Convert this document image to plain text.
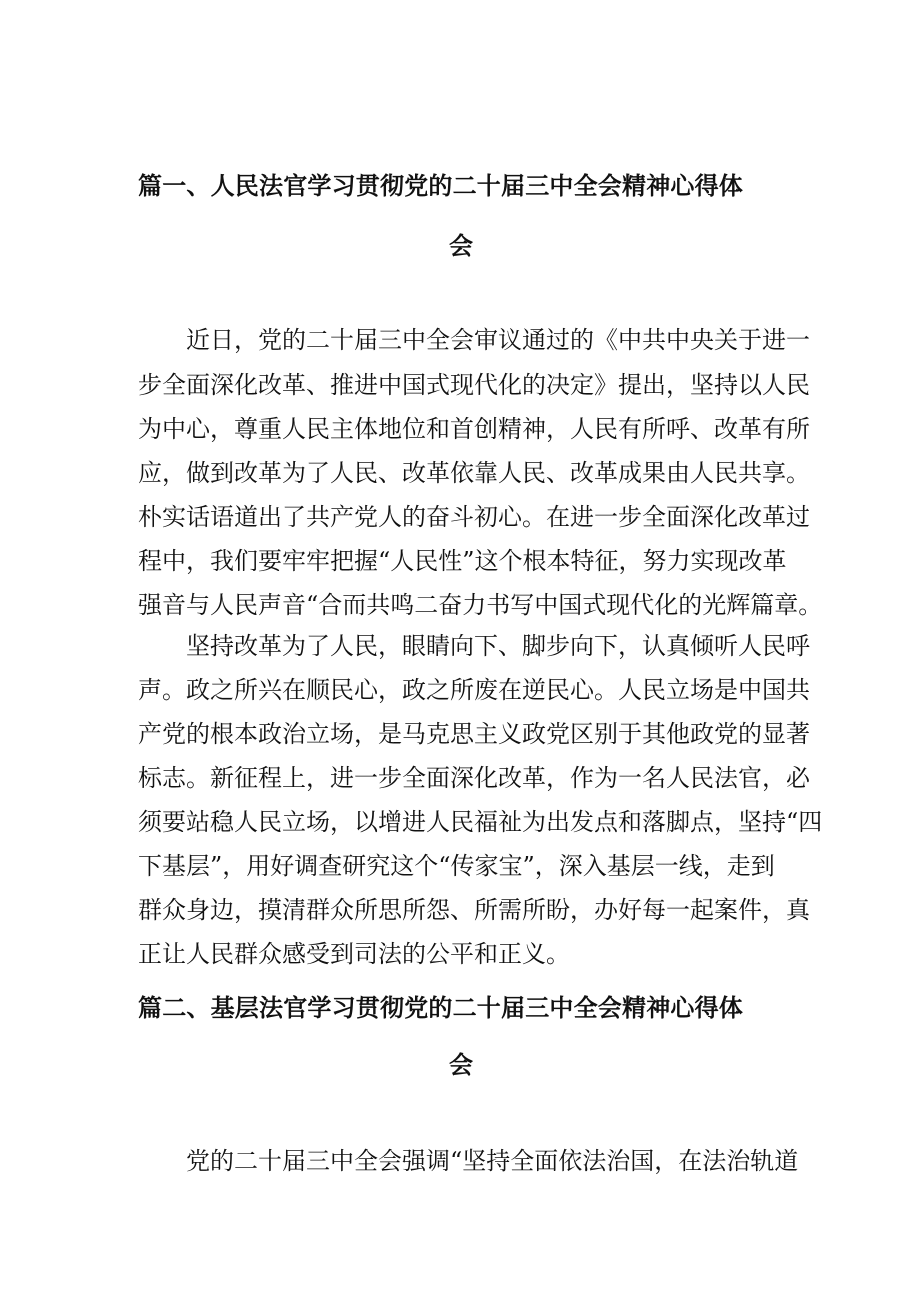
篇一、人民法官学习贯彻党的二十届三中全会精神心得体
会

近日，党的二十届三中全会审议通过的《中共中央关于进一

步全面深化改革、推进中国式现代化的决定》提出，坚持以人民

为中心，尊重人民主体地位和首创精神，人民有所呼、改革有所

应，做到改革为了人民、改革依靠人民、改革成果由人民共享。

朴实话语道出了共产党人的奋斗初心。在进一步全面深化改革过

程中，我们要牢牢把握“人民性”这个根本特征，努力实现改革

强音与人民声音“合而共鸣二奋力书写中国式现代化的光辉篇章。

坚持改革为了人民，眼睛向下、脚步向下，认真倾听人民呼

声。政之所兴在顺民心，政之所废在逆民心。人民立场是中国共

产党的根本政治立场，是马克思主义政党区别于其他政党的显著

标志。新征程上，进一步全面深化改革，作为一名人民法官，必

须要站稳人民立场，以增进人民福祉为出发点和落脚点，坚持“四

下基层”，用好调查研究这个“传家宝”，深入基层一线，走到

群众身边，摸清群众所思所怨、所需所盼，办好每一起案件，真

正让人民群众感受到司法的公平和正义。

篇二、基层法官学习贯彻党的二十届三中全会精神心得体
会

党的二十届三中全会强调“坚持全面依法治国，在法治轨道
